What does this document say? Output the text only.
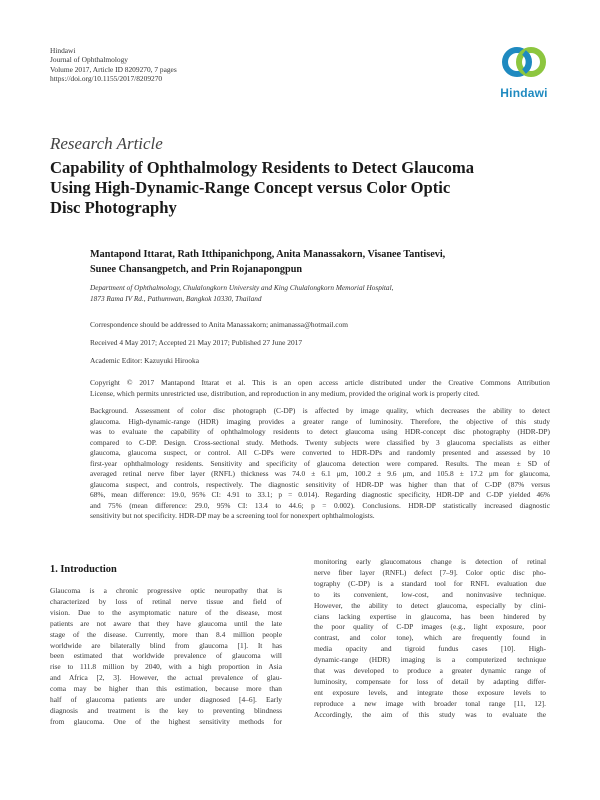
Hindawi
Journal of Ophthalmology
Volume 2017, Article ID 8209270, 7 pages
https://doi.org/10.1155/2017/8209270
Hindawi
Research Article
Capability of Ophthalmology Residents to Detect Glaucoma
Using High-Dynamic-Range Concept versus Color Optic
Disc Photography
Mantapond Ittarat, Rath Itthipanichpong, Anita Manassakorn, Visanee Tantisevi,
Sunee Chansangpetch, and Prin Rojanapongpun
Department of Ophthalmology, Chulalongkorn University and King Chulalongkorn Memorial Hospital,
1873 Rama IV Rd., Pathumwan, Bangkok 10330, Thailand
Correspondence should be addressed to Anita Manassakorn; animanassa@hotmail.com
Received 4 May 2017; Accepted 21 May 2017; Published 27 June 2017
Academic Editor: Kazuyuki Hirooka
Copyright © 2017 Mantapond Ittarat et al. This is an open access article distributed under the Creative Commons Attribution
License, which permits unrestricted use, distribution, and reproduction in any medium, provided the original work is properly cited.
Background. Assessment of color disc photograph (C-DP) is affected by image quality, which decreases the ability to detect
glaucoma. High-dynamic-range (HDR) imaging provides a greater range of luminosity. Therefore, the objective of this study
was to evaluate the capability of ophthalmology residents to detect glaucoma using HDR-concept disc photography (HDR-DP)
compared to C-DP. Design. Cross-sectional study. Methods. Twenty subjects were classified by 3 glaucoma specialists as either
glaucoma, glaucoma suspect, or control. All C-DPs were converted to HDR-DPs and randomly presented and assessed by 10
first-year ophthalmology residents. Sensitivity and specificity of glaucoma detection were compared. Results. The mean ± SD of
averaged retinal nerve fiber layer (RNFL) thickness was 74.0 ± 6.1 μm, 100.2 ± 9.6 μm, and 105.8 ± 17.2 μm for glaucoma,
glaucoma suspect, and controls, respectively. The diagnostic sensitivity of HDR-DP was higher than that of C-DP (87% versus
68%, mean difference: 19.0, 95% CI: 4.91 to 33.1; p = 0.014). Regarding diagnostic specificity, HDR-DP and C-DP yielded 46%
and 75% (mean difference: 29.0, 95% CI: 13.4 to 44.6; p = 0.002). Conclusions. HDR-DP statistically increased diagnostic
sensitivity but not specificity. HDR-DP may be a screening tool for nonexpert ophthalmologists.
1. Introduction
Glaucoma is a chronic progressive optic neuropathy that is
characterized by loss of retinal nerve tissue and field of
vision. Due to the asymptomatic nature of the disease, most
patients are not aware that they have glaucoma until the late
stage of the disease. Currently, more than 8.4 million people
worldwide are bilaterally blind from glaucoma [1]. It has
been estimated that worldwide prevalence of glaucoma will
rise to 111.8 million by 2040, with a high proportion in Asia
and Africa [2, 3]. However, the actual prevalence of glau-
coma may be higher than this estimation, because more than
half of glaucoma patients are under diagnosed [4–6]. Early
diagnosis and treatment is the key to preventing blindness
from glaucoma. One of the highest sensitivity methods for
monitoring early glaucomatous change is detection of retinal
nerve fiber layer (RNFL) defect [7–9]. Color optic disc pho-
tography (C-DP) is a standard tool for RNFL evaluation due
to its convenient, low-cost, and noninvasive technique.
However, the ability to detect glaucoma, especially by clini-
cians lacking expertise in glaucoma, has been hindered by
the poor quality of C-DP images (e.g., light exposure, poor
contrast, and color tone), which are frequently found in
media opacity and tigroid fundus cases [10]. High-
dynamic-range (HDR) imaging is a computerized technique
that was developed to produce a greater dynamic range of
luminosity, compensate for loss of detail by adapting differ-
ent exposure levels, and integrate those exposure levels to
reproduce a new image with broader tonal range [11, 12].
Accordingly, the aim of this study was to evaluate the
